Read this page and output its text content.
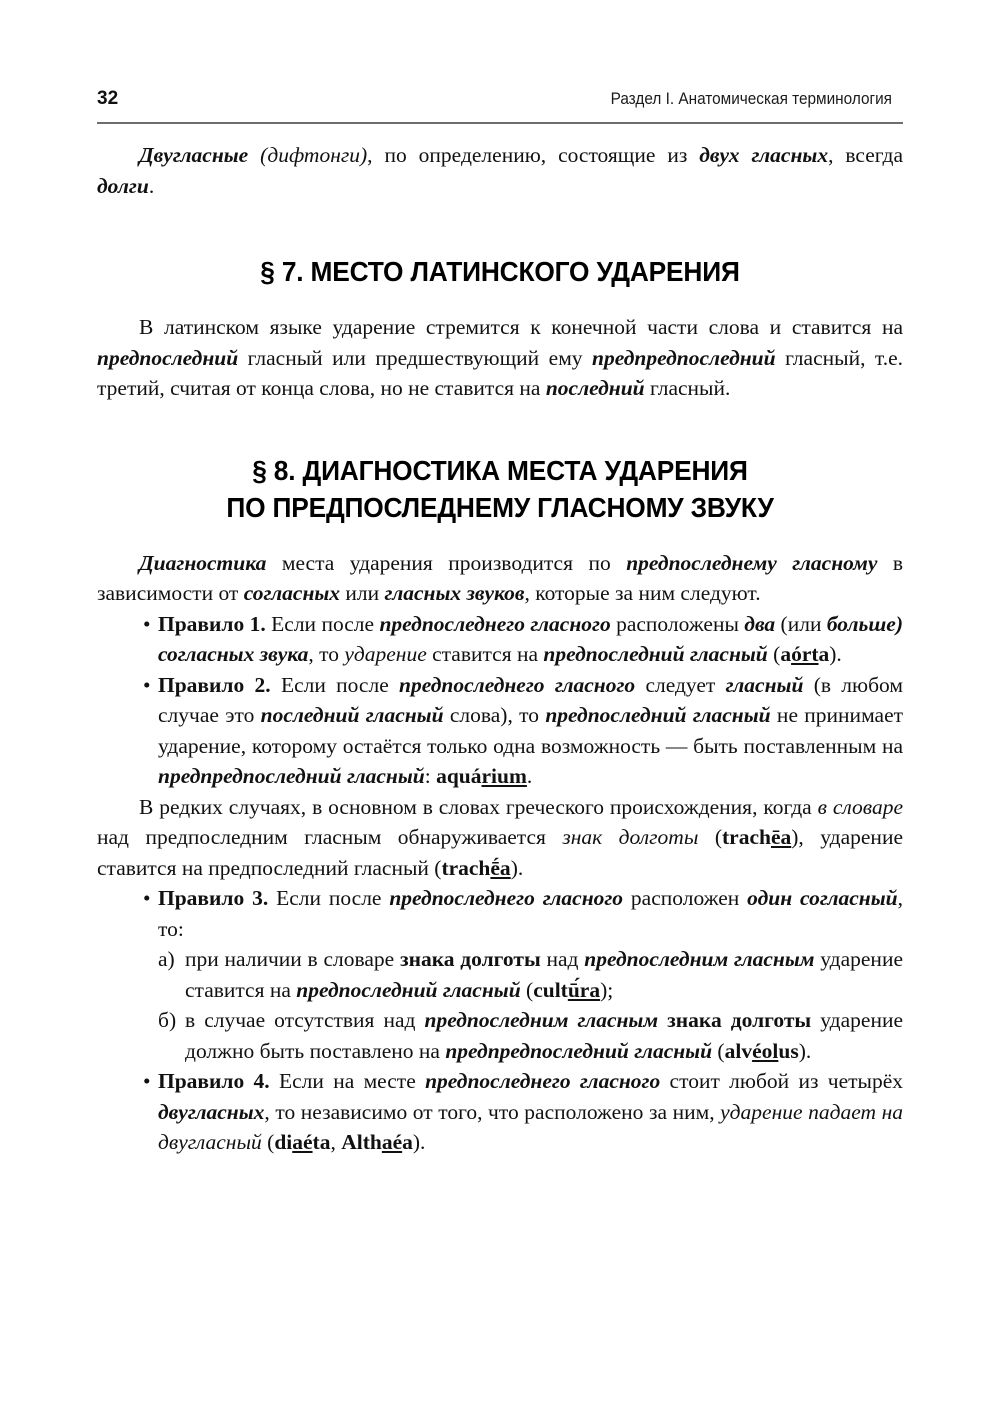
32	Раздел I. Анатомическая терминология

Двугласные (дифтонги), по определению, состоящие из двух гласных, всегда долги.

§ 7. МЕСТО ЛАТИНСКОГО УДАРЕНИЯ

В латинском языке ударение стремится к конечной части слова и ставится на предпоследний гласный или предшествующий ему предпредпоследний гласный, т.е. третий, считая от конца слова, но не ставится на последний гласный.

§ 8. ДИАГНОСТИКА МЕСТА УДАРЕНИЯ
ПО ПРЕДПОСЛЕДНЕМУ ГЛАСНОМУ ЗВУКУ

Диагностика места ударения производится по предпоследнему гласному в зависимости от согласных или гласных звуков, которые за ним следуют.

• Правило 1. Если после предпоследнего гласного расположены два (или больше) согласных звука, то ударение ставится на предпоследний гласный (aórta).
• Правило 2. Если после предпоследнего гласного следует гласный (в любом случае это последний гласный слова), то предпоследний гласный не принимает ударение, которому остаётся только одна возможность — быть поставленным на предпредпоследний гласный: aquárium.

В редких случаях, в основном в словах греческого происхождения, когда в словаре над предпоследним гласным обнаруживается знак долготы (trachēa), ударение ставится на предпоследний гласный (trachḗa).

• Правило 3. Если после предпоследнего гласного расположен один согласный, то:
а) при наличии в словаре знака долготы над предпоследним гласным ударение ставится на предпоследний гласный (cultū́ra);
б) в случае отсутствия над предпоследним гласным знака долготы ударение должно быть поставлено на предпредпоследний гласный (alvéolus).
• Правило 4. Если на месте предпоследнего гласного стоит любой из четырёх двугласных, то независимо от того, что расположено за ним, ударение падает на двугласный (diaéta, Althaéa).
